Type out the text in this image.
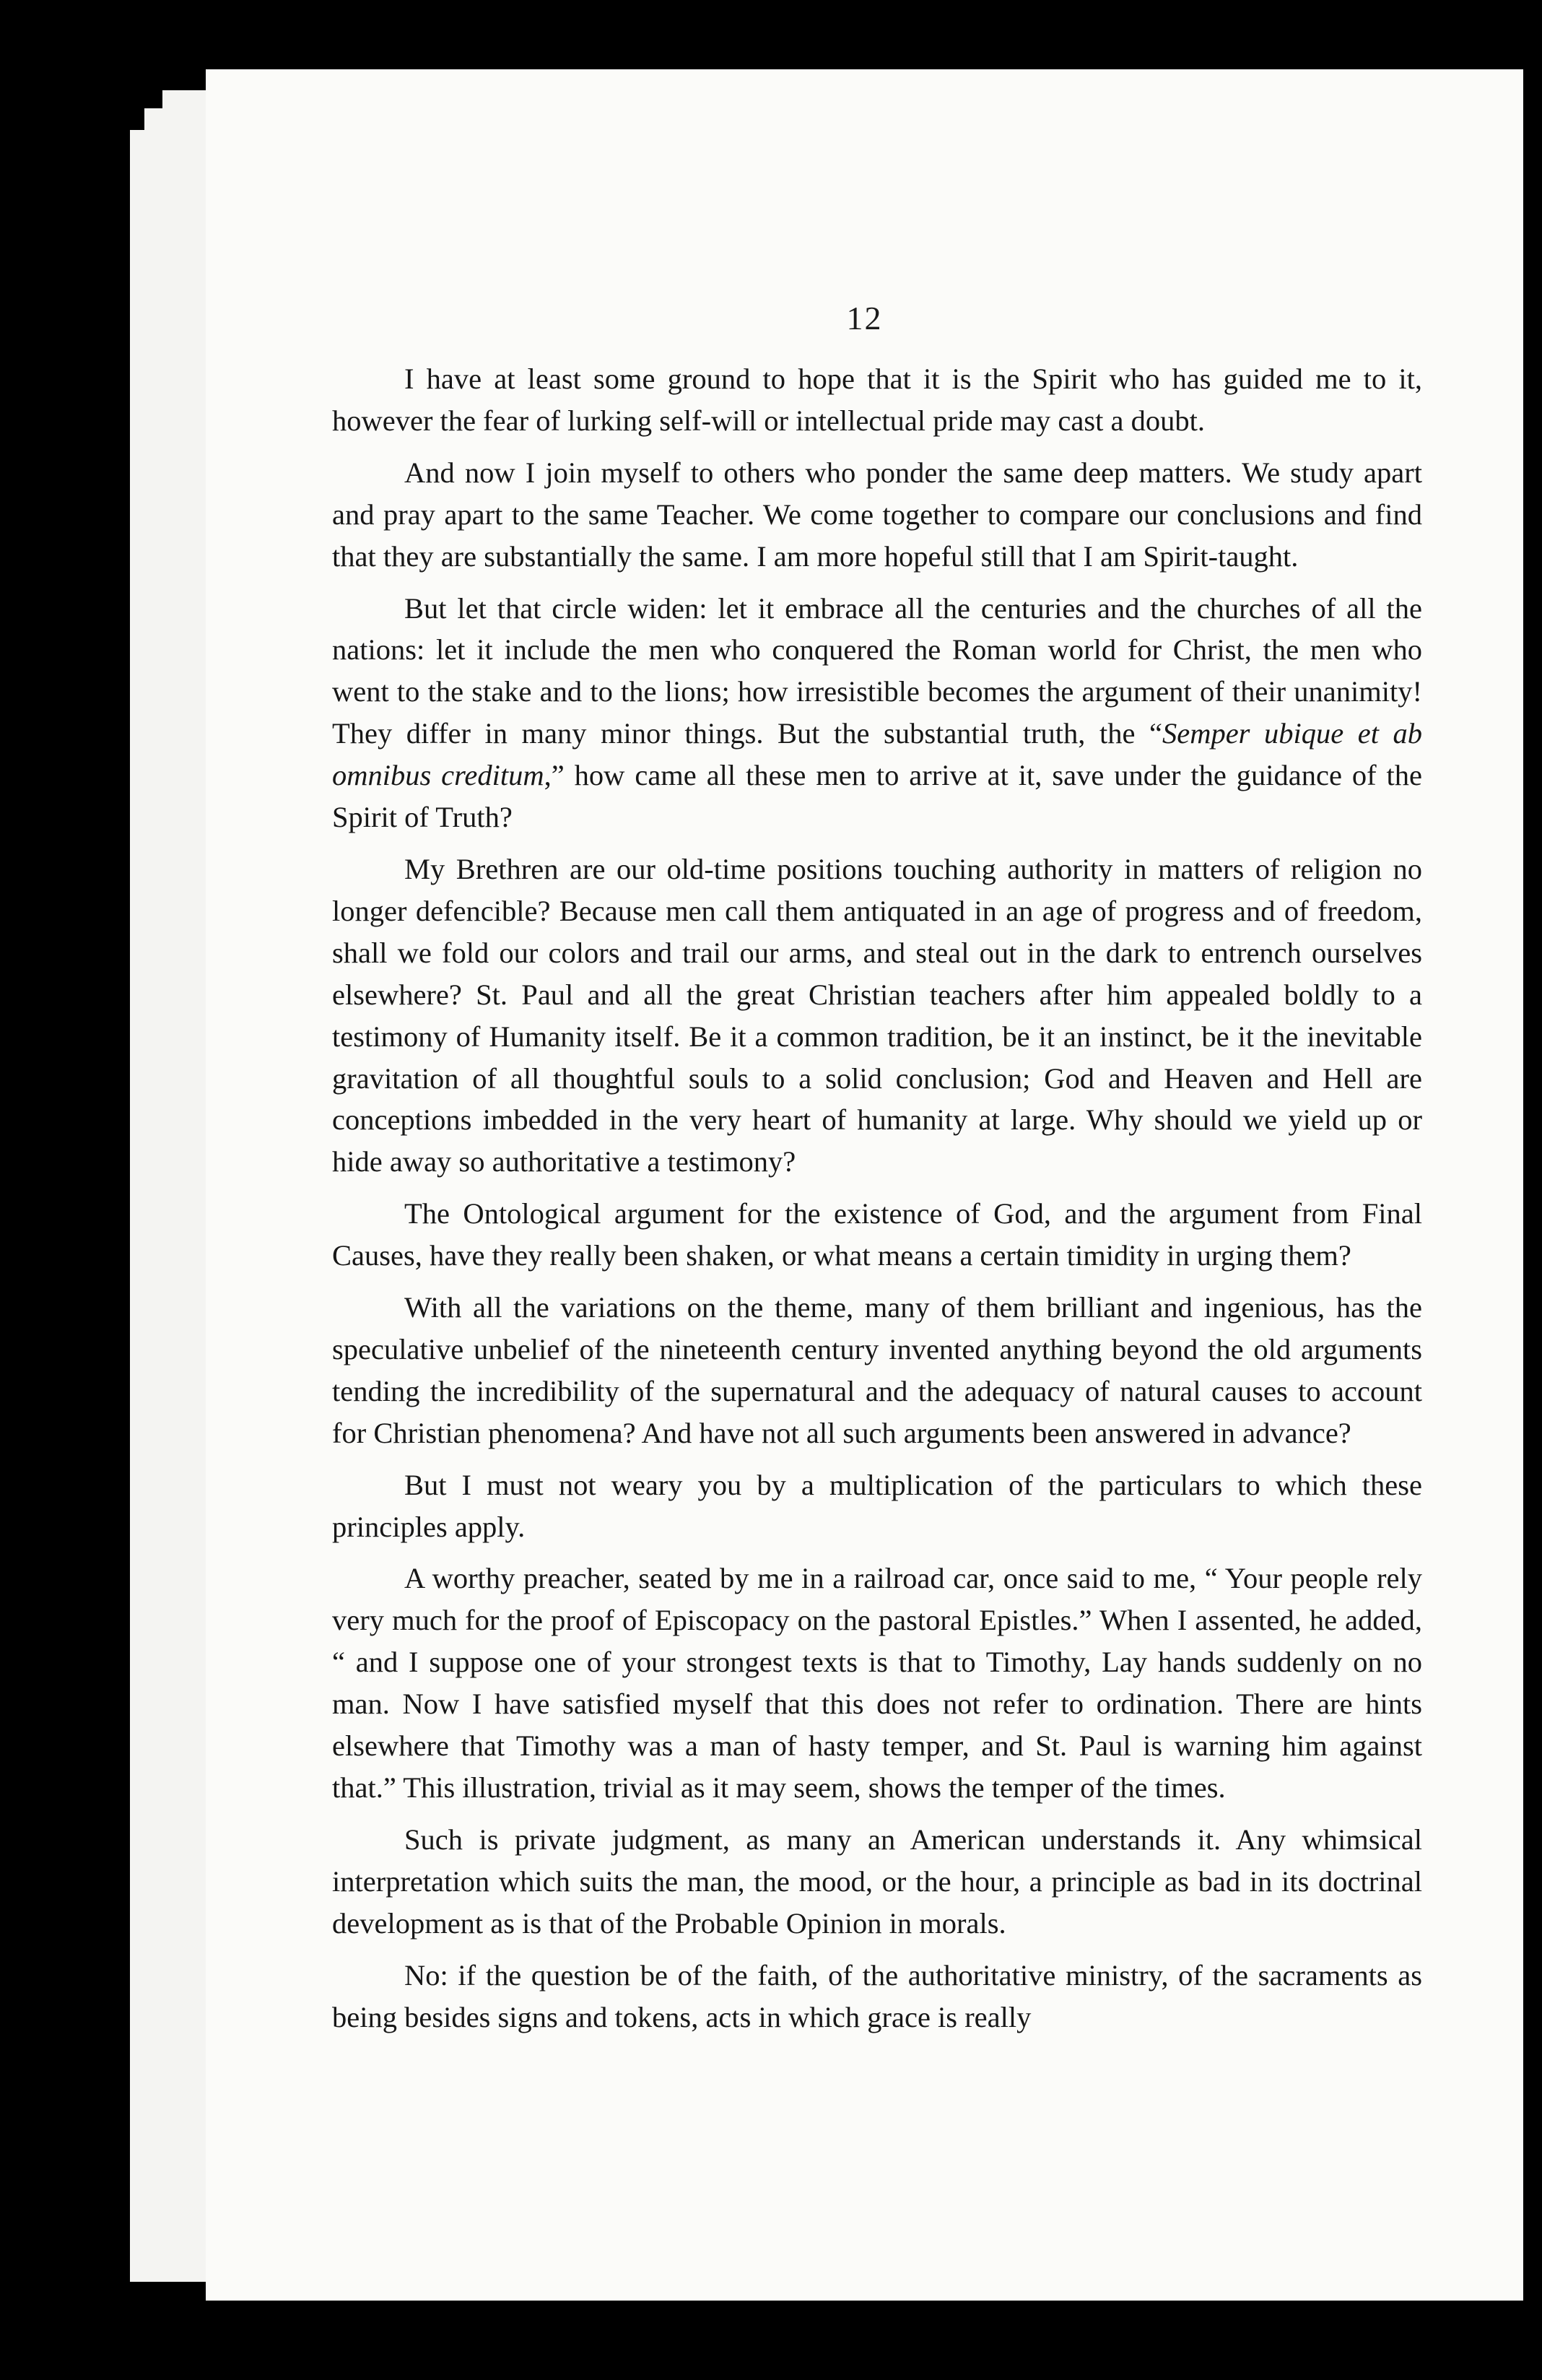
12

I have at least some ground to hope that it is the Spirit who has guided me to it, however the fear of lurking self-will or intellectual pride may cast a doubt.

And now I join myself to others who ponder the same deep matters. We study apart and pray apart to the same Teacher. We come together to compare our conclusions and find that they are substantially the same. I am more hopeful still that I am Spirit-taught.

But let that circle widen: let it embrace all the centuries and the churches of all the nations: let it include the men who conquered the Roman world for Christ, the men who went to the stake and to the lions; how irresistible becomes the argument of their unanimity! They differ in many minor things. But the substantial truth, the “Semper ubique et ab omnibus creditum,” how came all these men to arrive at it, save under the guidance of the Spirit of Truth?

My Brethren are our old-time positions touching authority in matters of religion no longer defencible? Because men call them antiquated in an age of progress and of freedom, shall we fold our colors and trail our arms, and steal out in the dark to entrench ourselves elsewhere? St. Paul and all the great Christian teachers after him appealed boldly to a testimony of Humanity itself. Be it a common tradition, be it an instinct, be it the inevitable gravitation of all thoughtful souls to a solid conclusion; God and Heaven and Hell are conceptions imbedded in the very heart of humanity at large. Why should we yield up or hide away so authoritative a testimony?

The Ontological argument for the existence of God, and the argument from Final Causes, have they really been shaken, or what means a certain timidity in urging them?

With all the variations on the theme, many of them brilliant and ingenious, has the speculative unbelief of the nineteenth century invented anything beyond the old arguments tending the incredibility of the supernatural and the adequacy of natural causes to account for Christian phenomena? And have not all such arguments been answered in advance?

But I must not weary you by a multiplication of the particulars to which these principles apply.

A worthy preacher, seated by me in a railroad car, once said to me, “ Your people rely very much for the proof of Episcopacy on the pastoral Epistles.” When I assented, he added, “ and I suppose one of your strongest texts is that to Timothy, Lay hands suddenly on no man. Now I have satisfied myself that this does not refer to ordination. There are hints elsewhere that Timothy was a man of hasty temper, and St. Paul is warning him against that.” This illustration, trivial as it may seem, shows the temper of the times.

Such is private judgment, as many an American understands it. Any whimsical interpretation which suits the man, the mood, or the hour, a principle as bad in its doctrinal development as is that of the Probable Opinion in morals.

No: if the question be of the faith, of the authoritative ministry, of the sacraments as being besides signs and tokens, acts in which grace is really
